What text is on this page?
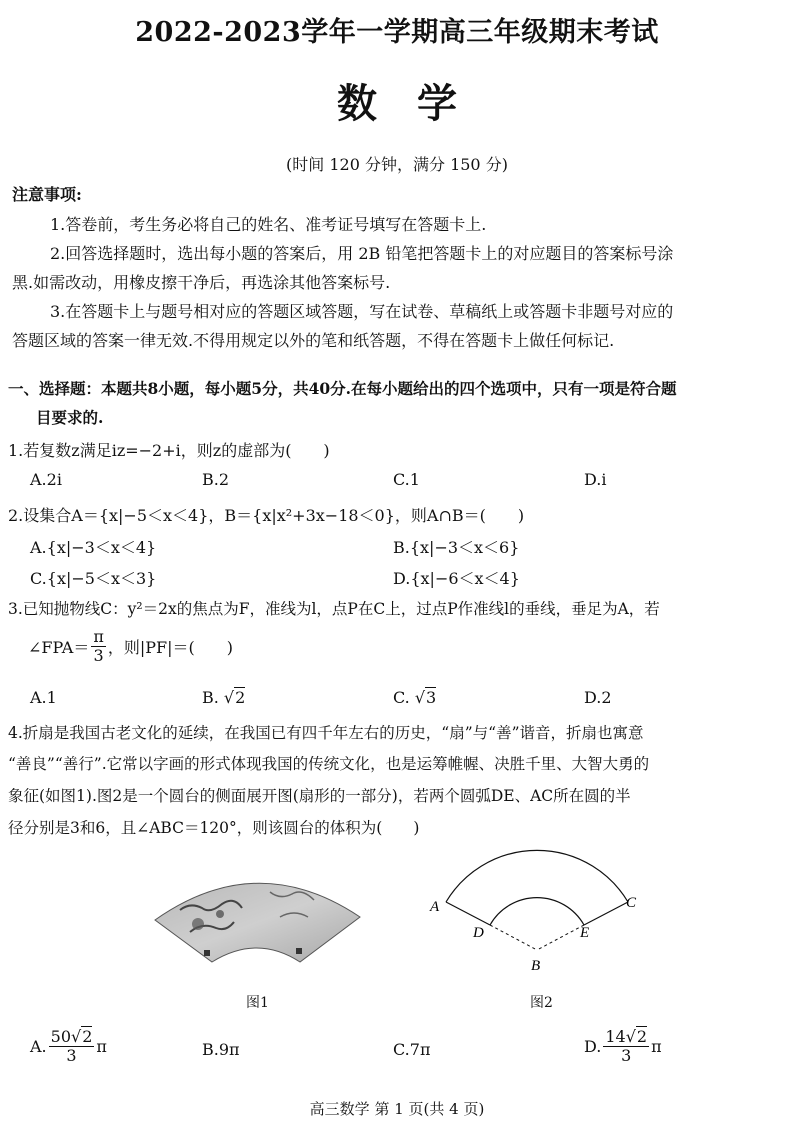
2022-2023学年一学期高三年级期末考试
数学
(时间 120 分钟，满分 150 分)
注意事项:
1.答卷前，考生务必将自己的姓名、准考证号填写在答题卡上.
2.回答选择题时，选出每小题的答案后，用 2B 铅笔把答题卡上的对应题目的答案标号涂
黑.如需改动，用橡皮擦干净后，再选涂其他答案标号.
3.在答题卡上与题号相对应的答题区域答题，写在试卷、草稿纸上或答题卡非题号对应的
答题区域的答案一律无效.不得用规定以外的笔和纸答题，不得在答题卡上做任何标记.
一、选择题：本题共8小题，每小题5分，共40分.在每小题给出的四个选项中，只有一项是符合题
目要求的.
1.若复数z满足iz=−2+i，则z的虚部为(　　)
A.2i	B.2	C.1	D.i
2.设集合A＝{x|−5＜x＜4}，B＝{x|x²+3x−18＜0}，则A∩B＝(　　)
A.{x|−3＜x＜4}	B.{x|−3＜x＜6}
C.{x|−5＜x＜3}	D.{x|−6＜x＜4}
3.已知抛物线C：y²＝2x的焦点为F，准线为l，点P在C上，过点P作准线l的垂线，垂足为A，若
∠FPA＝ $\frac{\pi}{3}$ ，则|PF|＝(　　)
A.1	B. √2	C. √3	D.2
4.折扇是我国古老文化的延续，在我国已有四千年左右的历史，“扇”与“善”谐音，折扇也寓意
“善良”“善行”.它常以字画的形式体现我国的传统文化，也是运筹帷幄、决胜千里、大智大勇的
象征(如图1).图2是一个圆台的侧面展开图(扇形的一部分)，若两个圆弧DE、AC所在圆的半
径分别是3和6，且∠ABC＝120°，则该圆台的体积为(　　)
图1
A	C
D	E
B
图2
A. $\frac{50√2}{3}$ π	B.9π	C.7π	D. $\frac{14√2}{3}$ π
高三数学 第 1 页(共 4 页)
